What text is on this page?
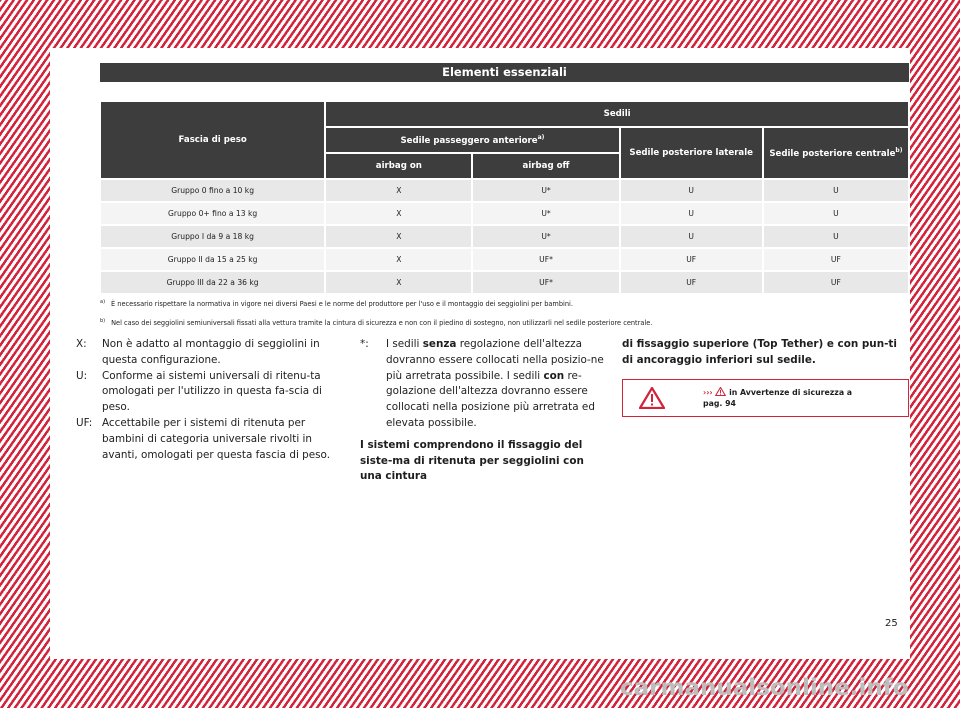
Elementi essenziali
Fascia di peso	Sedili			
	Sedile passeggero anteriore$^{a)}$		Sedile posteriore laterale	Sedile posteriore centrale$^{b)}$
	airbag on	airbag off		
Gruppo 0 fino a 10 kg	X	U*	U	U
Gruppo 0+ fino a 13 kg	X	U*	U	U
Gruppo I da 9 a 18 kg	X	U*	U	U
Gruppo II da 15 a 25 kg	X	UF*	UF	UF
Gruppo III da 22 a 36 kg	X	UF*	UF	UF
$^{a)}$ È necessario rispettare la normativa in vigore nei diversi Paesi e le norme del produttore per l'uso e il montaggio dei seggiolini per bambini.
$^{b)}$ Nel caso dei seggiolini semiuniversali fissati alla vettura tramite la cintura di sicurezza e non con il piedino di sostegno, non utilizzarli nel sedile posteriore centrale.
X:	Non è adatto al montaggio di seggiolini in questa configurazione.
U:	Conforme ai sistemi universali di ritenu-ta omologati per l'utilizzo in questa fa-scia di peso.
UF: Accettabile per i sistemi di ritenuta per bambini di categoria universale rivolti in avanti, omologati per questa fascia di peso.
*:	I sedili senza regolazione dell'altezza dovranno essere collocati nella posizio-ne più arretrata possibile. I sedili con re-golazione dell'altezza dovranno essere collocati nella posizione più arretrata ed elevata possibile.
I sistemi comprendono il fissaggio del siste-ma di ritenuta per seggiolini con una cintura
di fissaggio superiore (Top Tether) e con pun-ti di ancoraggio inferiori sul sedile.
›››  in Avvertenze di sicurezza a
pag. 94
25
carmanualsonline.info
